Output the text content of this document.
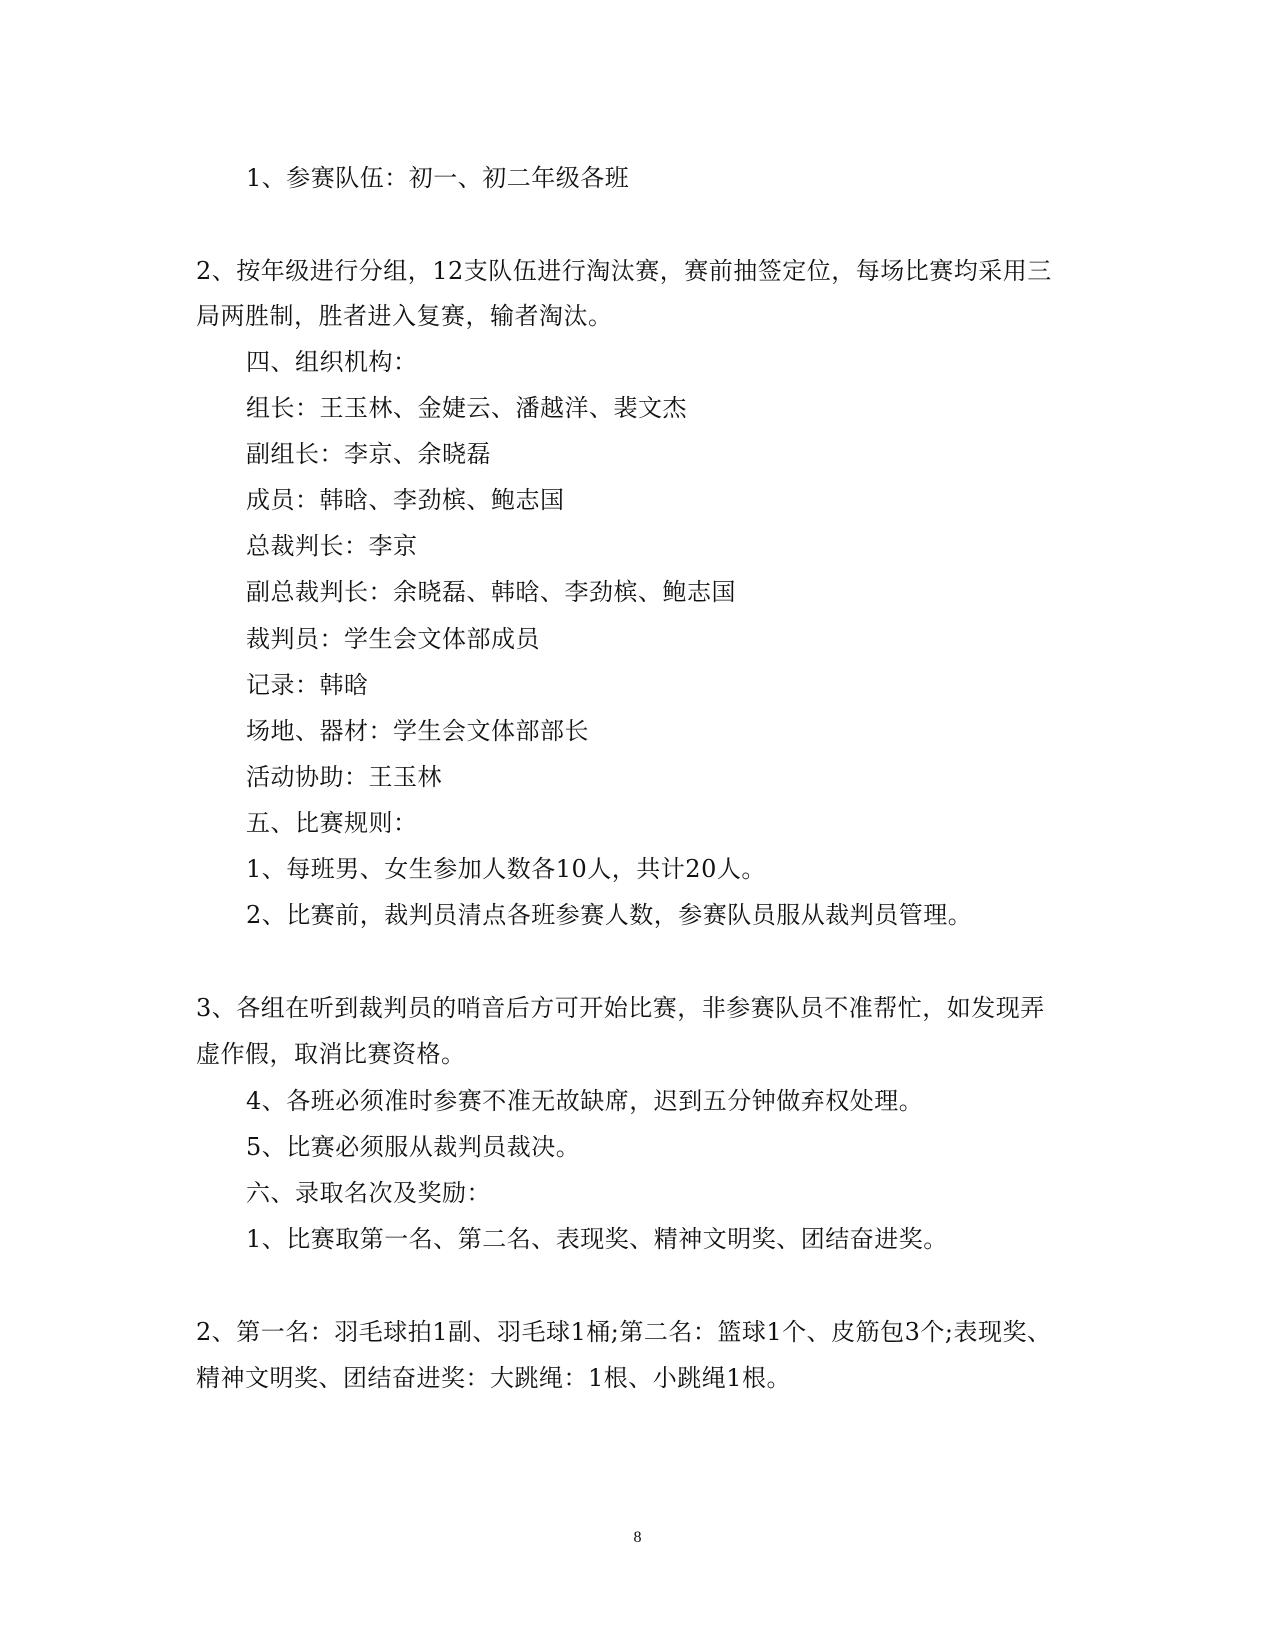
1、参赛队伍：初一、初二年级各班
2、按年级进行分组，12支队伍进行淘汰赛，赛前抽签定位，每场比赛均采用三
局两胜制，胜者进入复赛，输者淘汰。
四、组织机构：
组长：王玉林、金婕云、潘越洋、裴文杰
副组长：李京、余晓磊
成员：韩晗、李劲槟、鲍志国
总裁判长：李京
副总裁判长：余晓磊、韩晗、李劲槟、鲍志国
裁判员：学生会文体部成员
记录：韩晗
场地、器材：学生会文体部部长
活动协助：王玉林
五、比赛规则：
1、每班男、女生参加人数各10人，共计20人。
2、比赛前，裁判员清点各班参赛人数，参赛队员服从裁判员管理。
3、各组在听到裁判员的哨音后方可开始比赛，非参赛队员不准帮忙，如发现弄
虚作假，取消比赛资格。
4、各班必须准时参赛不准无故缺席，迟到五分钟做弃权处理。
5、比赛必须服从裁判员裁决。
六、录取名次及奖励：
1、比赛取第一名、第二名、表现奖、精神文明奖、团结奋进奖。
2、第一名：羽毛球拍1副、羽毛球1桶;第二名：篮球1个、皮筋包3个;表现奖、
精神文明奖、团结奋进奖：大跳绳：1根、小跳绳1根。
8
